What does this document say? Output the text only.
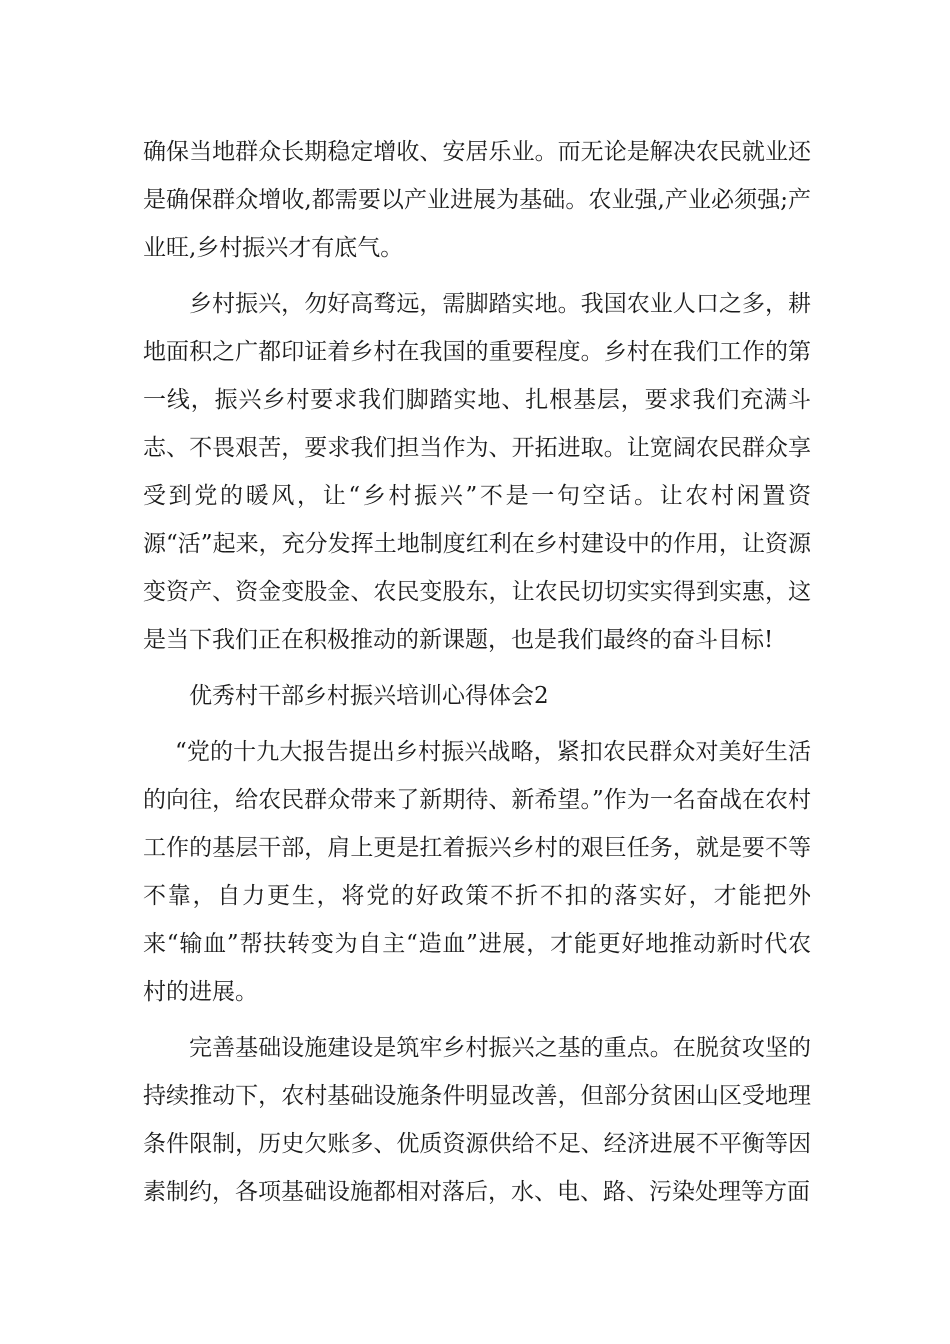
确保当地群众长期稳定增收、安居乐业。而无论是解决农民就业还是确保群众增收,都需要以产业进展为基础。农业强,产业必须强;产业旺,乡村振兴才有底气。

乡村振兴，勿好高骛远，需脚踏实地。我国农业人口之多，耕地面积之广都印证着乡村在我国的重要程度。乡村在我们工作的第一线，振兴乡村要求我们脚踏实地、扎根基层，要求我们充满斗志、不畏艰苦，要求我们担当作为、开拓进取。让宽阔农民群众享受到党的暖风，让“乡村振兴”不是一句空话。让农村闲置资源“活”起来，充分发挥土地制度红利在乡村建设中的作用，让资源变资产、资金变股金、农民变股东，让农民切切实实得到实惠，这是当下我们正在积极推动的新课题，也是我们最终的奋斗目标!

优秀村干部乡村振兴培训心得体会2

“党的十九大报告提出乡村振兴战略，紧扣农民群众对美好生活的向往，给农民群众带来了新期待、新希望。”作为一名奋战在农村工作的基层干部，肩上更是扛着振兴乡村的艰巨任务，就是要不等不靠，自力更生，将党的好政策不折不扣的落实好，才能把外来“输血”帮扶转变为自主“造血”进展，才能更好地推动新时代农村的进展。

完善基础设施建设是筑牢乡村振兴之基的重点。在脱贫攻坚的持续推动下，农村基础设施条件明显改善，但部分贫困山区受地理条件限制，历史欠账多、优质资源供给不足、经济进展不平衡等因素制约，各项基础设施都相对落后，水、电、路、污染处理等方面
